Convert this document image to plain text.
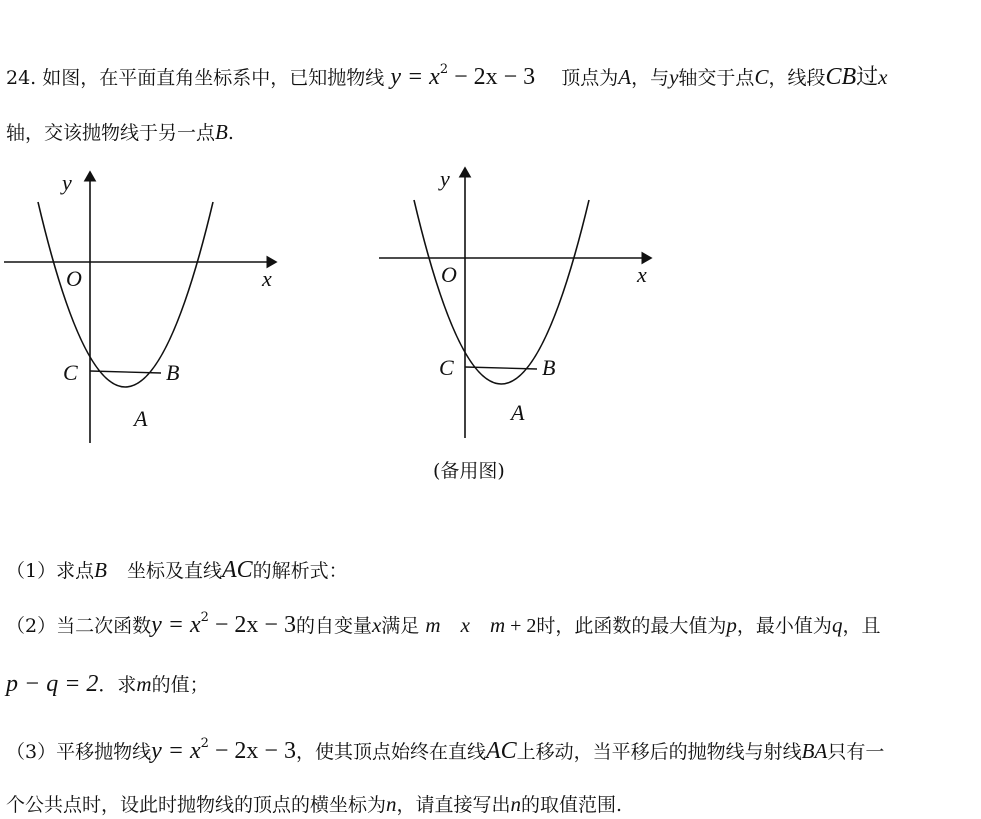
24. 如图，在平面直角坐标系中，已知抛物线 $y = x^2 - 2x - 3$ 顶点为A，与y轴交于点C，线段CB过x
轴，交该抛物线于另一点B.
y
x
O
C	B
A
y
x
O
C	B
A
(备用图)
（1）求点B 坐标及直线AC的解析式：
（2）当二次函数$y = x^2 - 2x - 3$的自变量x满足 m x m + 2时，此函数的最大值为p，最小值为q，且
p − q = 2．求m的值；
（3）平移抛物线$y = x^2 - 2x - 3$，使其顶点始终在直线AC上移动，当平移后的抛物线与射线BA只有一
个公共点时，设此时抛物线的顶点的横坐标为n，请直接写出n的取值范围.
